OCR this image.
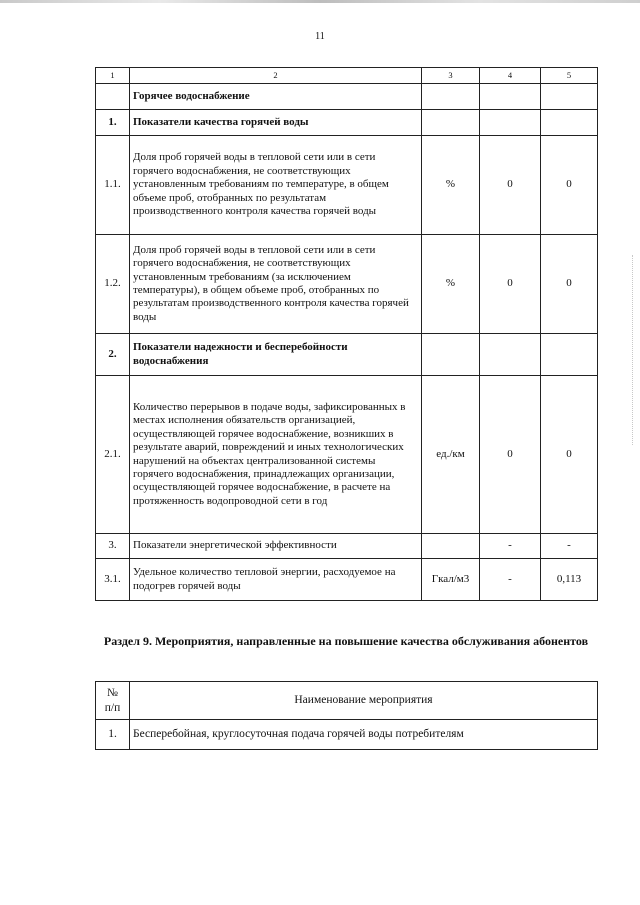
11
1	2	3	4	5
	Горячее водоснабжение			
1.	Показатели качества горячей воды			
1.1.	Доля проб горячей воды в тепловой сети или в сети горячего водоснабжения, не соответствующих установленным требованиям по температуре, в общем объеме проб, отобранных по результатам производственного контроля качества горячей воды	%	0	0
1.2.	Доля проб горячей воды в тепловой сети или в сети горячего водоснабжения, не соответствующих установленным требованиям (за исключением температуры), в общем объеме проб, отобранных по результатам производственного контроля качества горячей воды	%	0	0
2.	Показатели надежности и бесперебойности водоснабжения			
2.1.	Количество перерывов в подаче воды, зафиксированных в местах исполнения обязательств организацией, осуществляющей горячее водоснабжение, возникших в результате аварий, повреждений и иных технологических нарушений на объектах централизованной системы горячего водоснабжения, принадлежащих организации, осуществляющей горячее водоснабжение, в расчете на протяженность водопроводной сети в год	ед./км	0	0
3.	Показатели энергетической эффективности		-	-
3.1.	Удельное количество тепловой энергии, расходуемое на подогрев горячей воды	Гкал/м3	-	0,113
Раздел 9. Мероприятия, направленные на повышение качества обслуживания абонентов
№ п/п	Наименование мероприятия
1.	Бесперебойная, круглосуточная подача горячей воды потребителям
